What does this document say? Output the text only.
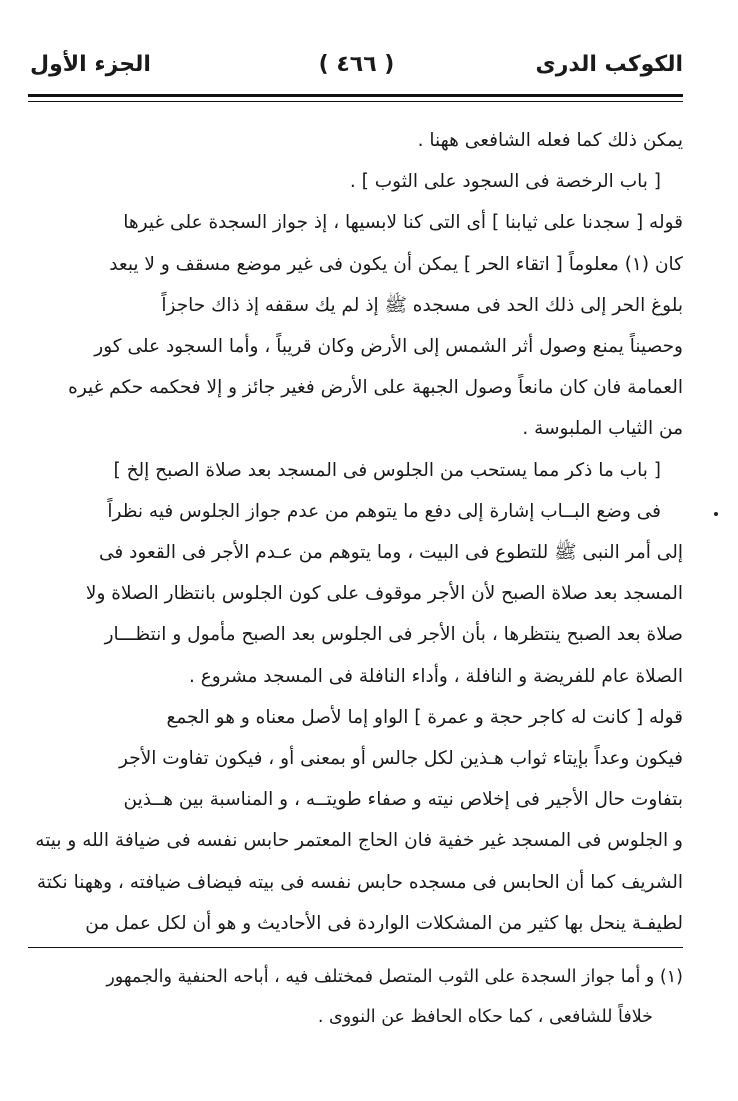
الكوكب الدرى
( ٤٦٦ )
الجزء الأول

يمكن ذلك كما فعله الشافعى ههنا .

[ باب الرخصة فى السجود على الثوب ] .

قوله [ سجدنا على ثيابنا ] أى التى كنا لابسيها ، إذ جواز السجدة على غيرها

كان (١) معلوماً [ اتقاء الحر ] يمكن أن يكون فى غير موضع مسقف و لا يبعد

بلوغ الحر إلى ذلك الحد فى مسجده ﷺ إذ لم يك سقفه إذ ذاك حاجزاً

وحصيناً يمنع وصول أثر الشمس إلى الأرض وكان قريباً ، وأما السجود على كور

العمامة فان كان مانعاً وصول الجبهة على الأرض فغير جائز و إلا فحكمه حكم غيره

من الثياب الملبوسة .

[ باب ما ذكر مما يستحب من الجلوس فى المسجد بعد صلاة الصبح إلخ ]

فى وضع البــاب إشارة إلى دفع ما يتوهم من عدم جواز الجلوس فيه نظراً

إلى أمر النبى ﷺ للتطوع فى البيت ، وما يتوهم من عـدم الأجر فى القعود فى

المسجد بعد صلاة الصبح لأن الأجر موقوف على كون الجلوس بانتظار الصلاة ولا

صلاة بعد الصبح ينتظرها ، بأن الأجر فى الجلوس بعد الصبح مأمول و انتظـــار

الصلاة عام للفريضة و النافلة ، وأداء النافلة فى المسجد مشروع .

قوله [ كانت له كاجر حجة و عمرة ] الواو إما لأصل معناه و هو الجمع

فيكون وعداً بإيتاء ثواب هـذين لكل جالس أو بمعنى أو ، فيكون تفاوت الأجر

بتفاوت حال الأجير فى إخلاص نيته و صفاء طويتــه ، و المناسبة بين هــذين

و الجلوس فى المسجد غير خفية فان الحاج المعتمر حابس نفسه فى ضيافة الله و بيته

الشريف كما أن الحابس فى مسجده حابس نفسه فى بيته فيضاف ضيافته ، وههنا نكتة

لطيفـة ينحل بها كثير من المشكلات الواردة فى الأحاديث و هو أن لكل عمل من

(١) و أما جواز السجدة على الثوب المتصل فمختلف فيه ، أباحه الحنفية والجمهور

خلافاً للشافعى ، كما حكاه الحافظ عن النووى .
